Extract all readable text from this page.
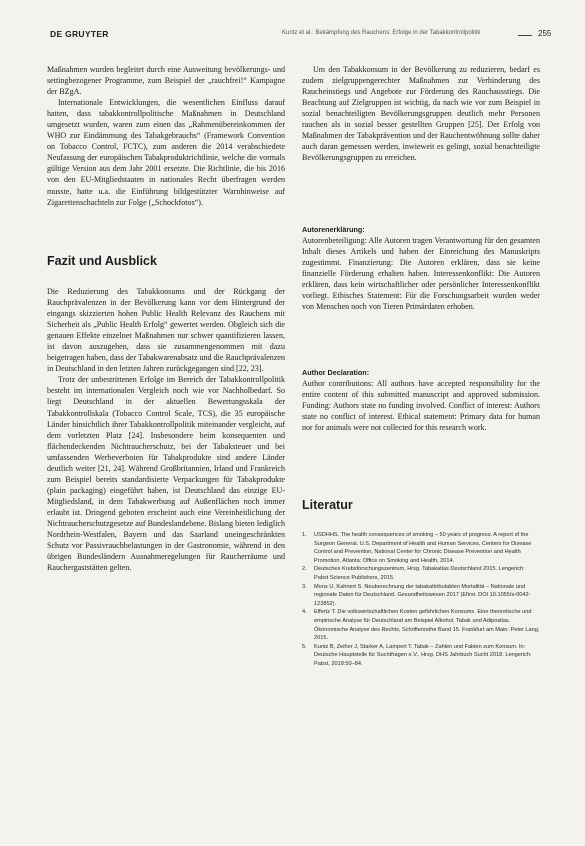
DE GRUYTER	Kuntz et al.: Bekämpfung des Rauchens: Erfolge in der Tabakkontrollpolitik	255

Maßnahmen wurden begleitet durch eine Ausweitung bevölkerungs- und settingbezogener Programme, zum Beispiel der „rauchfrei!“ Kampagne der BZgA.

Internationale Entwicklungen, die wesentlichen Einfluss darauf hatten, dass tabakkontrollpolitische Maßnahmen in Deutschland umgesetzt wurden, waren zum einen das „Rahmenübereinkommen der WHO zur Eindämmung des Tabakgebrauchs“ (Framework Convention on Tobacco Control, FCTC), zum anderen die 2014 verabschiedete Neufassung der europäischen Tabakproduktrichtlinie, welche die vormals gültige Version aus dem Jahr 2001 ersetzte. Die Richtlinie, die bis 2016 von den EU-Mitgliedstaaten in nationales Recht überfragen werden musste, hatte u.a. die Einführung bildgestützter Warnhinweise auf Zigarettenschachteln zur Folge („Schockfotos“).

Fazit und Ausblick

Die Reduzierung des Tabakkonsums und der Rückgang der Rauchprävalenzen in der Bevölkerung kann vor dem Hintergrund der eingangs skizzierten hohen Public Health Relevanz des Rauchens mit Sicherheit als „Public Health Erfolg“ gewertet werden. Obgleich sich die genauen Effekte einzelner Maßnahmen nur schwer quantifizieren lassen, ist davon auszugehen, dass sie zusammengenommen mit dazu beigetragen haben, dass der Tabakwarenabsatz und die Rauchprävalenzen in Deutschland in den letzten Jahren zurückgegangen sind [22, 23].

Trotz der unbestrittenen Erfolge im Bereich der Tabakkontrollpolitik besteht im internationalen Vergleich noch wie vor Nachholbedarf. So liegt Deutschland in der aktuellen Bewertungsskala der Tabakkontrollskala (Tobacco Control Scale, TCS), die 35 europäische Länder hinsichtlich ihrer Tabakkontrollpolitik miteinander vergleicht, auf dem vorletzten Platz [24]. Insbesondere beim konsequenten und flächendeckenden Nichtraucherschutz, bei der Tabaksteuer und bei umfassenden Werbeverboten für Tabakprodukte sind andere Länder deutlich weiter [21, 24]. Während Großbritannien, Irland und Frankreich zum Beispiel bereits standardisierte Verpackungen für Tabakprodukte (plain packaging) eingeführt haben, ist Deutschland das einzige EU-Mitgliedsland, in dem Tabakwerbung auf Außenflächen noch immer erlaubt ist. Dringend geboten erscheint auch eine Vereinheitlichung der Nichtraucherschutzgesetze auf Bundeslandebene. Bislang bieten lediglich Nordrhein-Westfalen, Bayern und das Saarland uneingeschränkten Schutz vor Passivrauchbelastungen in der Gastronomie, während in den übrigen Bundesländern Ausnahmeregelungen für Raucherräume und Rauchergaststätten gelten.

Um den Tabakkonsum in der Bevölkerung zu reduzieren, bedarf es zudem zielgruppengerechter Maßnahmen zur Verhinderung des Raucheinstiegs und Angebote zur Förderung des Rauchausstiegs. Die Beachtung auf Zielgruppen ist wichtig, da nach wie vor zum Beispiel in sozial benachteiligten Bevölkerungsgruppen deutlich mehr Personen rauchen als in sozial besser gestellten Gruppen [25]. Der Erfolg von Maßnahmen der Tabakprävention und der Rauchentwöhnung sollte daher auch daran gemessen werden, inwieweit es gelingt, sozial benachteiligte Bevölkerungsgruppen zu erreichen.

Autorenerklärung:

Autorenbeteiligung: Alle Autoren tragen Verantwortung für den gesamten Inhalt dieses Artikels und haben der Einreichung des Manuskripts zugestimmt. Finanzierung: Die Autoren erklären, dass sie keine finanzielle Förderung erhalten haben. Interessenkonflikt: Die Autoren erklären, dass kein wirtschaftlicher oder persönlicher Interessenkonflikt vorliegt. Ethisches Statement: Für die Forschungsarbeit wurden weder von Menschen noch von Tieren Primärdaten erhoben.

Author Declaration:

Author contributions: All authors have accepted responsibility for the entire content of this submitted manuscript and approved submission. Funding: Authors state no funding involved. Conflict of interest: Authors state no conflict of interest. Ethical statement: Primary data for human nor for animals were not collected for this research work.

Literatur
1. USDHHS. The health consequences of smoking – 50 years of progress. A report of the Surgeon General. U.S. Department of Health and Human Services, Centers for Disease Control and Prevention, National Center for Chronic Disease Prevention and Health Promotion. Atlanta: Office on Smoking and Health, 2014.
2. Deutsches Krebsforschungszentrum, Hrsg. Tabakatlas Deutschland 2015. Lengerich: Pabst Science Publishers, 2015.
3. Mons U, Kahnert S. Neuberechnung der tabakattributablen Mortalität – Nationale und regionale Daten für Deutschland. Gesundheitswesen 2017 (Efirst. DOI 10.1055/s-0042-123852).
4. Effertz T. Die volkswirtschaftlichen Kosten gefährlichen Konsums. Eine theoretische und empirische Analyse für Deutschland am Beispiel Alkohol, Tabak und Adipositas. Ökonomische Analyse des Rechts, Schriftenreihe Band 15. Frankfurt am Main: Peter Lang, 2015.
5. Kuntz B, Zeiher J, Starker A, Lampert T. Tabak – Zahlen und Fakten zum Konsum. In: Deutsche Hauptstelle für Suchtfragen e.V., Hrsg. DHS Jahrbuch Sucht 2018. Lengerich: Pabst, 2018:50–84.
